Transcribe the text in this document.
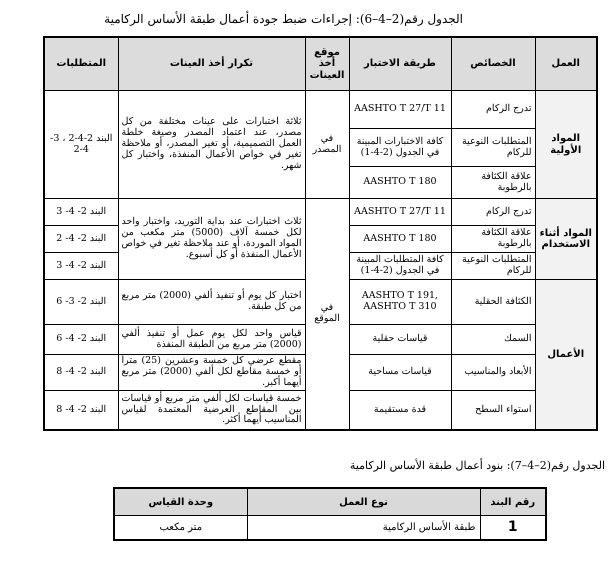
الجدول رقم(2–4–6): إجراءات ضبط جودة أعمال طبقة الأساس الركامية
العمل	الخصائص	طريقة الاختبار	موقع أخذ العينات	تكرار أخذ العينات	المتطلبات
المواد الأولية	تدرج الركام	AASHTO T 27/T 11	في المصدر	ثلاثة اختبارات على عينات مختلفة من كل مصدر، عند اعتماد المصدر وصيغة خلطة العمل التصميمية، أو تغير المصدر، أو ملاحظة تغير في خواص الأعمال المنفذة، واختبار كل شهر.	البند 2-4-2 ، 3-4-2
	المتطلبات النوعية للركام	كافة الاختبارات المبينة في الجدول (2-4-1)			
	علاقة الكثافة بالرطوبة	AASHTO T 180			
المواد أثناء الاستخدام	تدرج الركام	AASHTO T 27/T 11	في الموقع	ثلاث اختبارات عند بداية التوريد، واختبار واحد لكل خمسة آلاف (5000) متر مكعب من المواد الموردة، أو عند ملاحظة تغير في خواص الأعمال المنفذة أو كل أسبوع.	البند 2- 4- 3
	علاقة الكثافة بالرطوبة	AASHTO T 180			البند 2- 4- 2
	المتطلبات النوعية للركام	كافة المتطلبات المبينة في الجدول (2-4-1)			البند 2- 4- 3
الأعمال	الكثافة الحقلية	AASHTO T 191, AASHTO T 310		اختبار كل يوم أو تنفيذ ألفي (2000) متر مربع من كل طبقة.	البند 2- 3- 6
	السمك	قياسات حقلية		قياس واحد لكل يوم عمل أو تنفيذ ألفي (2000) متر مربع من الطبقة المنفذة	البند 2- 4- 6
	الأبعاد والمناسيب	قياسات مساحية		مقطع عرضي كل خمسة وعشرين (25) متراً أو خمسة مقاطع لكل ألفي (2000) متر مربع أيهما أكبر.	البند 2- 4- 8
	استواء السطح	قدة مستقيمة		خمسة قياسات لكل ألفي متر مربع أو قياسات بين المقاطع العرضية المعتمدة لقياس المناسيب أيهما أكثر.	البند 2- 4- 8
الجدول رقم(2–4–7): بنود أعمال طبقة الأساس الركامية
رقم البند	نوع العمل	وحدة القياس
1	طبقة الأساس الركامية	متر مكعب
